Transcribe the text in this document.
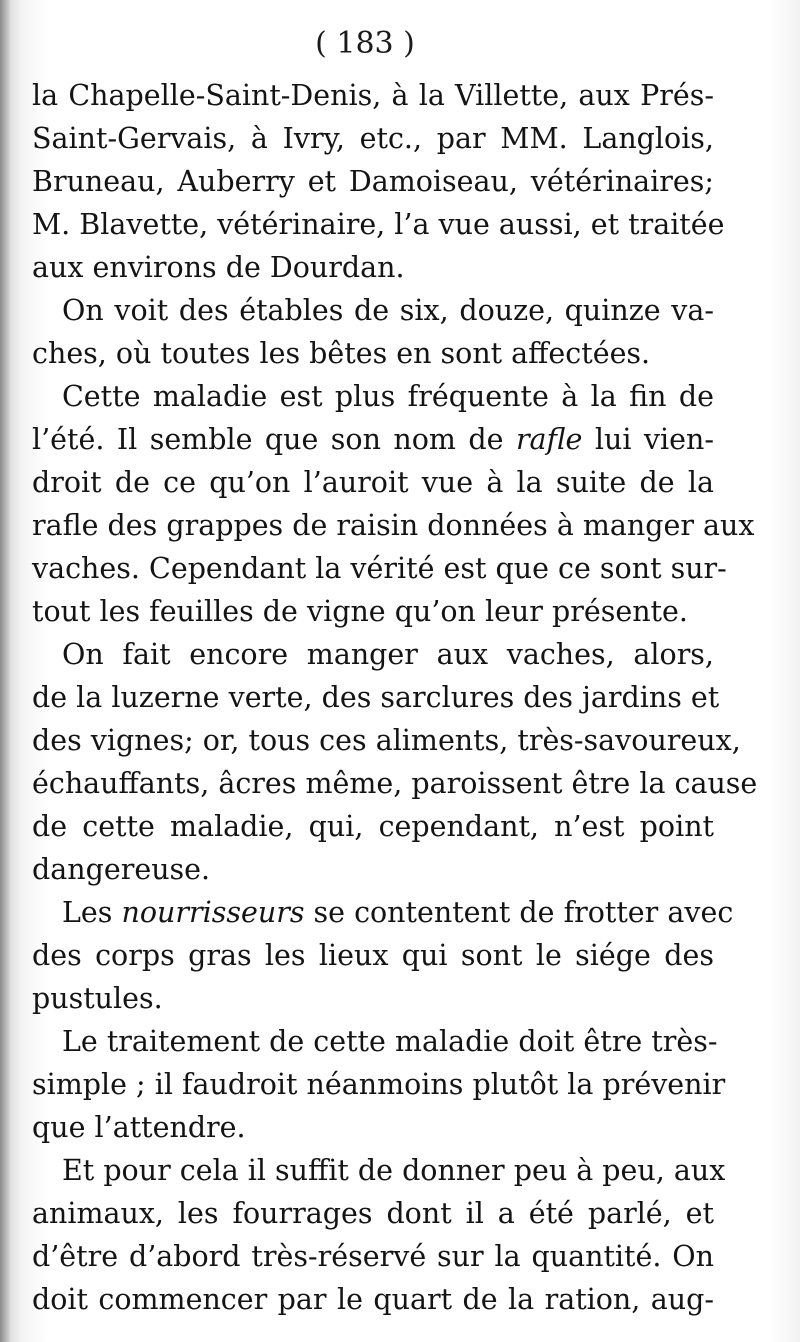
( 183 )
la Chapelle-Saint-Denis, à la Villette, aux Prés-
Saint-Gervais, à Ivry, etc., par MM. Langlois,
Bruneau, Auberry et Damoiseau, vétérinaires;
M. Blavette, vétérinaire, l’a vue aussi, et traitée
aux environs de Dourdan.
On voit des étables de six, douze, quinze va-
ches, où toutes les bêtes en sont affectées.
Cette maladie est plus fréquente à la fin de
l’été. Il semble que son nom de rafle lui vien-
droit de ce qu’on l’auroit vue à la suite de la
rafle des grappes de raisin données à manger aux
vaches. Cependant la vérité est que ce sont sur-
tout les feuilles de vigne qu’on leur présente.
On fait encore manger aux vaches, alors,
de la luzerne verte, des sarclures des jardins et
des vignes; or, tous ces aliments, très-savoureux,
échauffants, âcres même, paroissent être la cause
de cette maladie, qui, cependant, n’est point
dangereuse.
Les nourrisseurs se contentent de frotter avec
des corps gras les lieux qui sont le siége des
pustules.
Le traitement de cette maladie doit être très-
simple ; il faudroit néanmoins plutôt la prévenir
que l’attendre.
Et pour cela il suffit de donner peu à peu, aux
animaux, les fourrages dont il a été parlé, et
d’être d’abord très-réservé sur la quantité. On
doit commencer par le quart de la ration, aug-
